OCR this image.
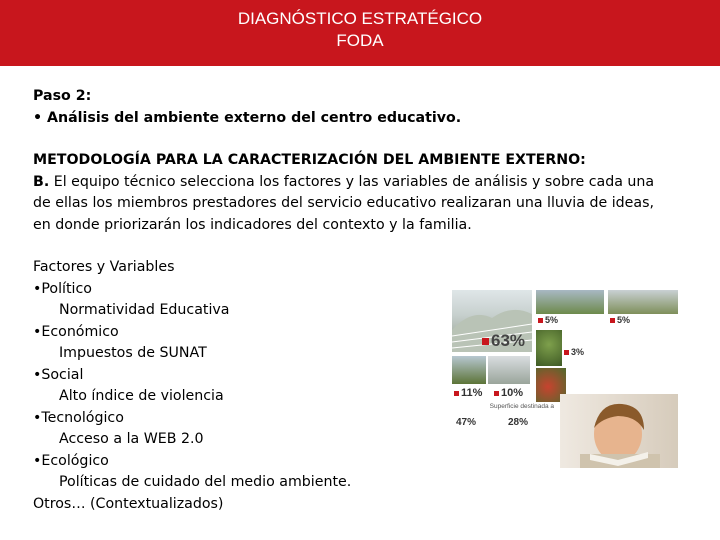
DIAGNÓSTICO ESTRATÉGICO
FODA

Paso 2:

• Análisis del ambiente externo del centro educativo.

METODOLOGÍA PARA LA CARACTERIZACIÓN DEL AMBIENTE EXTERNO:

B. El equipo técnico selecciona los factores y las variables de análisis y sobre cada una de ellas los miembros prestadores del servicio educativo realizaran una lluvia de ideas, en donde priorizarán los indicadores del contexto y la familia.

Factores y Variables

•Político

Normatividad Educativa

•Económico

Impuestos de SUNAT

•Social

Alto índice de violencia

•Tecnológico

Acceso a la WEB 2.0

•Ecológico

Políticas de cuidado del medio ambiente.

Otros… (Contextualizados)

5%	5%
63%
3%
11%	10%
Superficie destinada a
47%	28%
